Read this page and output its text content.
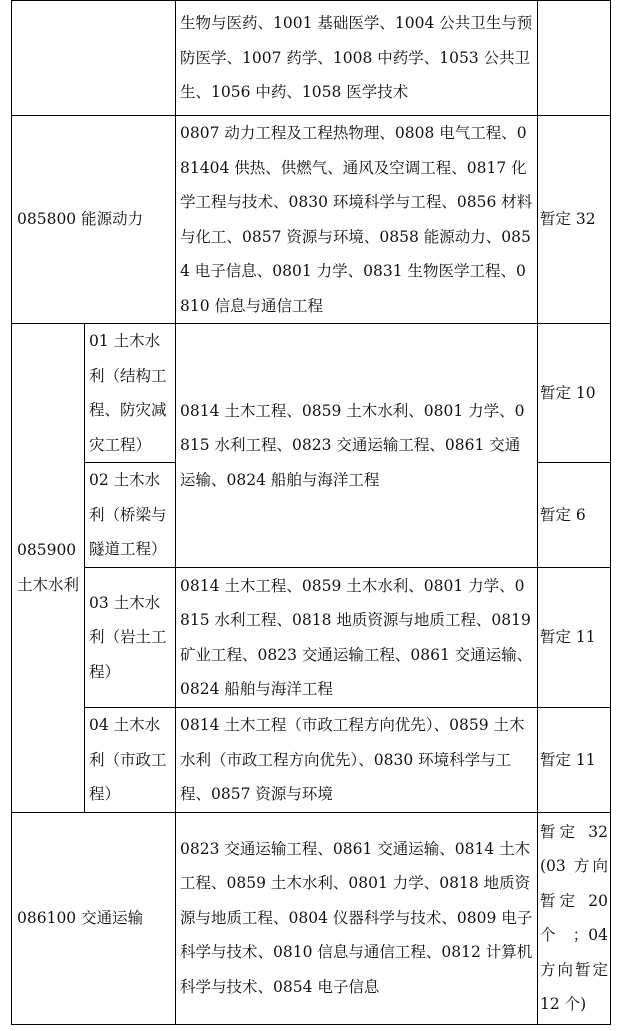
		生物与医药、1001 基础医学、1004 公共卫生与预防医学、1007 药学、1008 中药学、1053 公共卫生、1056 中药、1058 医学技术	
085800 能源动力		0807 动力工程及工程热物理、0808 电气工程、081404 供热、供燃气、通风及空调工程、0817 化学工程与技术、0830 环境科学与工程、0856 材料与化工、0857 资源与环境、0858 能源动力、0854 电子信息、0801 力学、0831 生物医学工程、0810 信息与通信工程	暂定 32
085900 土木水利	01 土木水利（结构工程、防灾减灾工程）	0814 土木工程、0859 土木水利、0801 力学、0815 水利工程、0823 交通运输工程、0861 交通运输、0824 船舶与海洋工程	暂定 10
	02 土木水利（桥梁与隧道工程）		暂定 6
	03 土木水利（岩土工程）	0814 土木工程、0859 土木水利、0801 力学、0815 水利工程、0818 地质资源与地质工程、0819 矿业工程、0823 交通运输工程、0861 交通运输、0824 船舶与海洋工程	暂定 11
	04 土木水利（市政工程）	0814 土木工程（市政工程方向优先）、0859 土木水利（市政工程方向优先）、0830 环境科学与工程、0857 资源与环境	暂定 11
086100 交通运输		0823 交通运输工程、0861 交通运输、0814 土木工程、0859 土木水利、0801 力学、0818 地质资源与地质工程、0804 仪器科学与技术、0809 电子科学与技术、0810 信息与通信工程、0812 计算机科学与技术、0854 电子信息	暂定 32(03 方向暂定 20 个；04 方向暂定 12 个)
